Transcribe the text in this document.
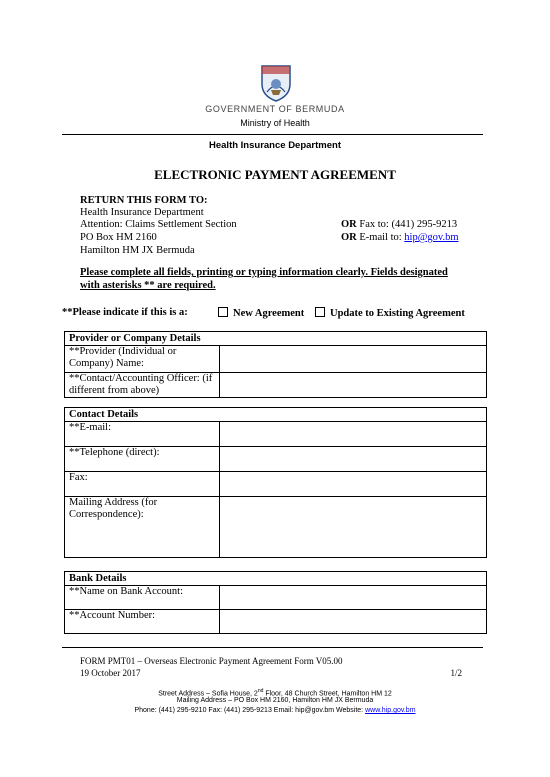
GOVERNMENT OF BERMUDA
Ministry of Health
Health Insurance Department
ELECTRONIC PAYMENT AGREEMENT
RETURN THIS FORM TO:
Health Insurance Department
Attention: Claims Settlement Section
PO Box HM 2160
Hamilton HM JX Bermuda
OR Fax to: (441) 295-9213
OR E-mail to: hip@gov.bm
Please complete all fields, printing or typing information clearly. Fields designated with asterisks ** are required.
**Please indicate if this is a:	New Agreement	Update to Existing Agreement
Provider or Company Details	
**Provider (Individual or Company) Name:	
**Contact/Accounting Officer: (if different from above)	
Contact Details	
**E-mail:	
**Telephone (direct):	
Fax:	
Mailing Address (for Correspondence):	
Bank Details	
**Name on Bank Account:	
**Account Number:	
FORM PMT01 – Overseas Electronic Payment Agreement Form V05.00
19 October 2017	1/2
Street Address – Sofia House, 2nd Floor, 48 Church Street, Hamilton HM 12
Mailing Address – PO Box HM 2160, Hamilton HM JX Bermuda
Phone: (441) 295-9210 Fax: (441) 295-9213 Email: hip@gov.bm Website: www.hip.gov.bm
